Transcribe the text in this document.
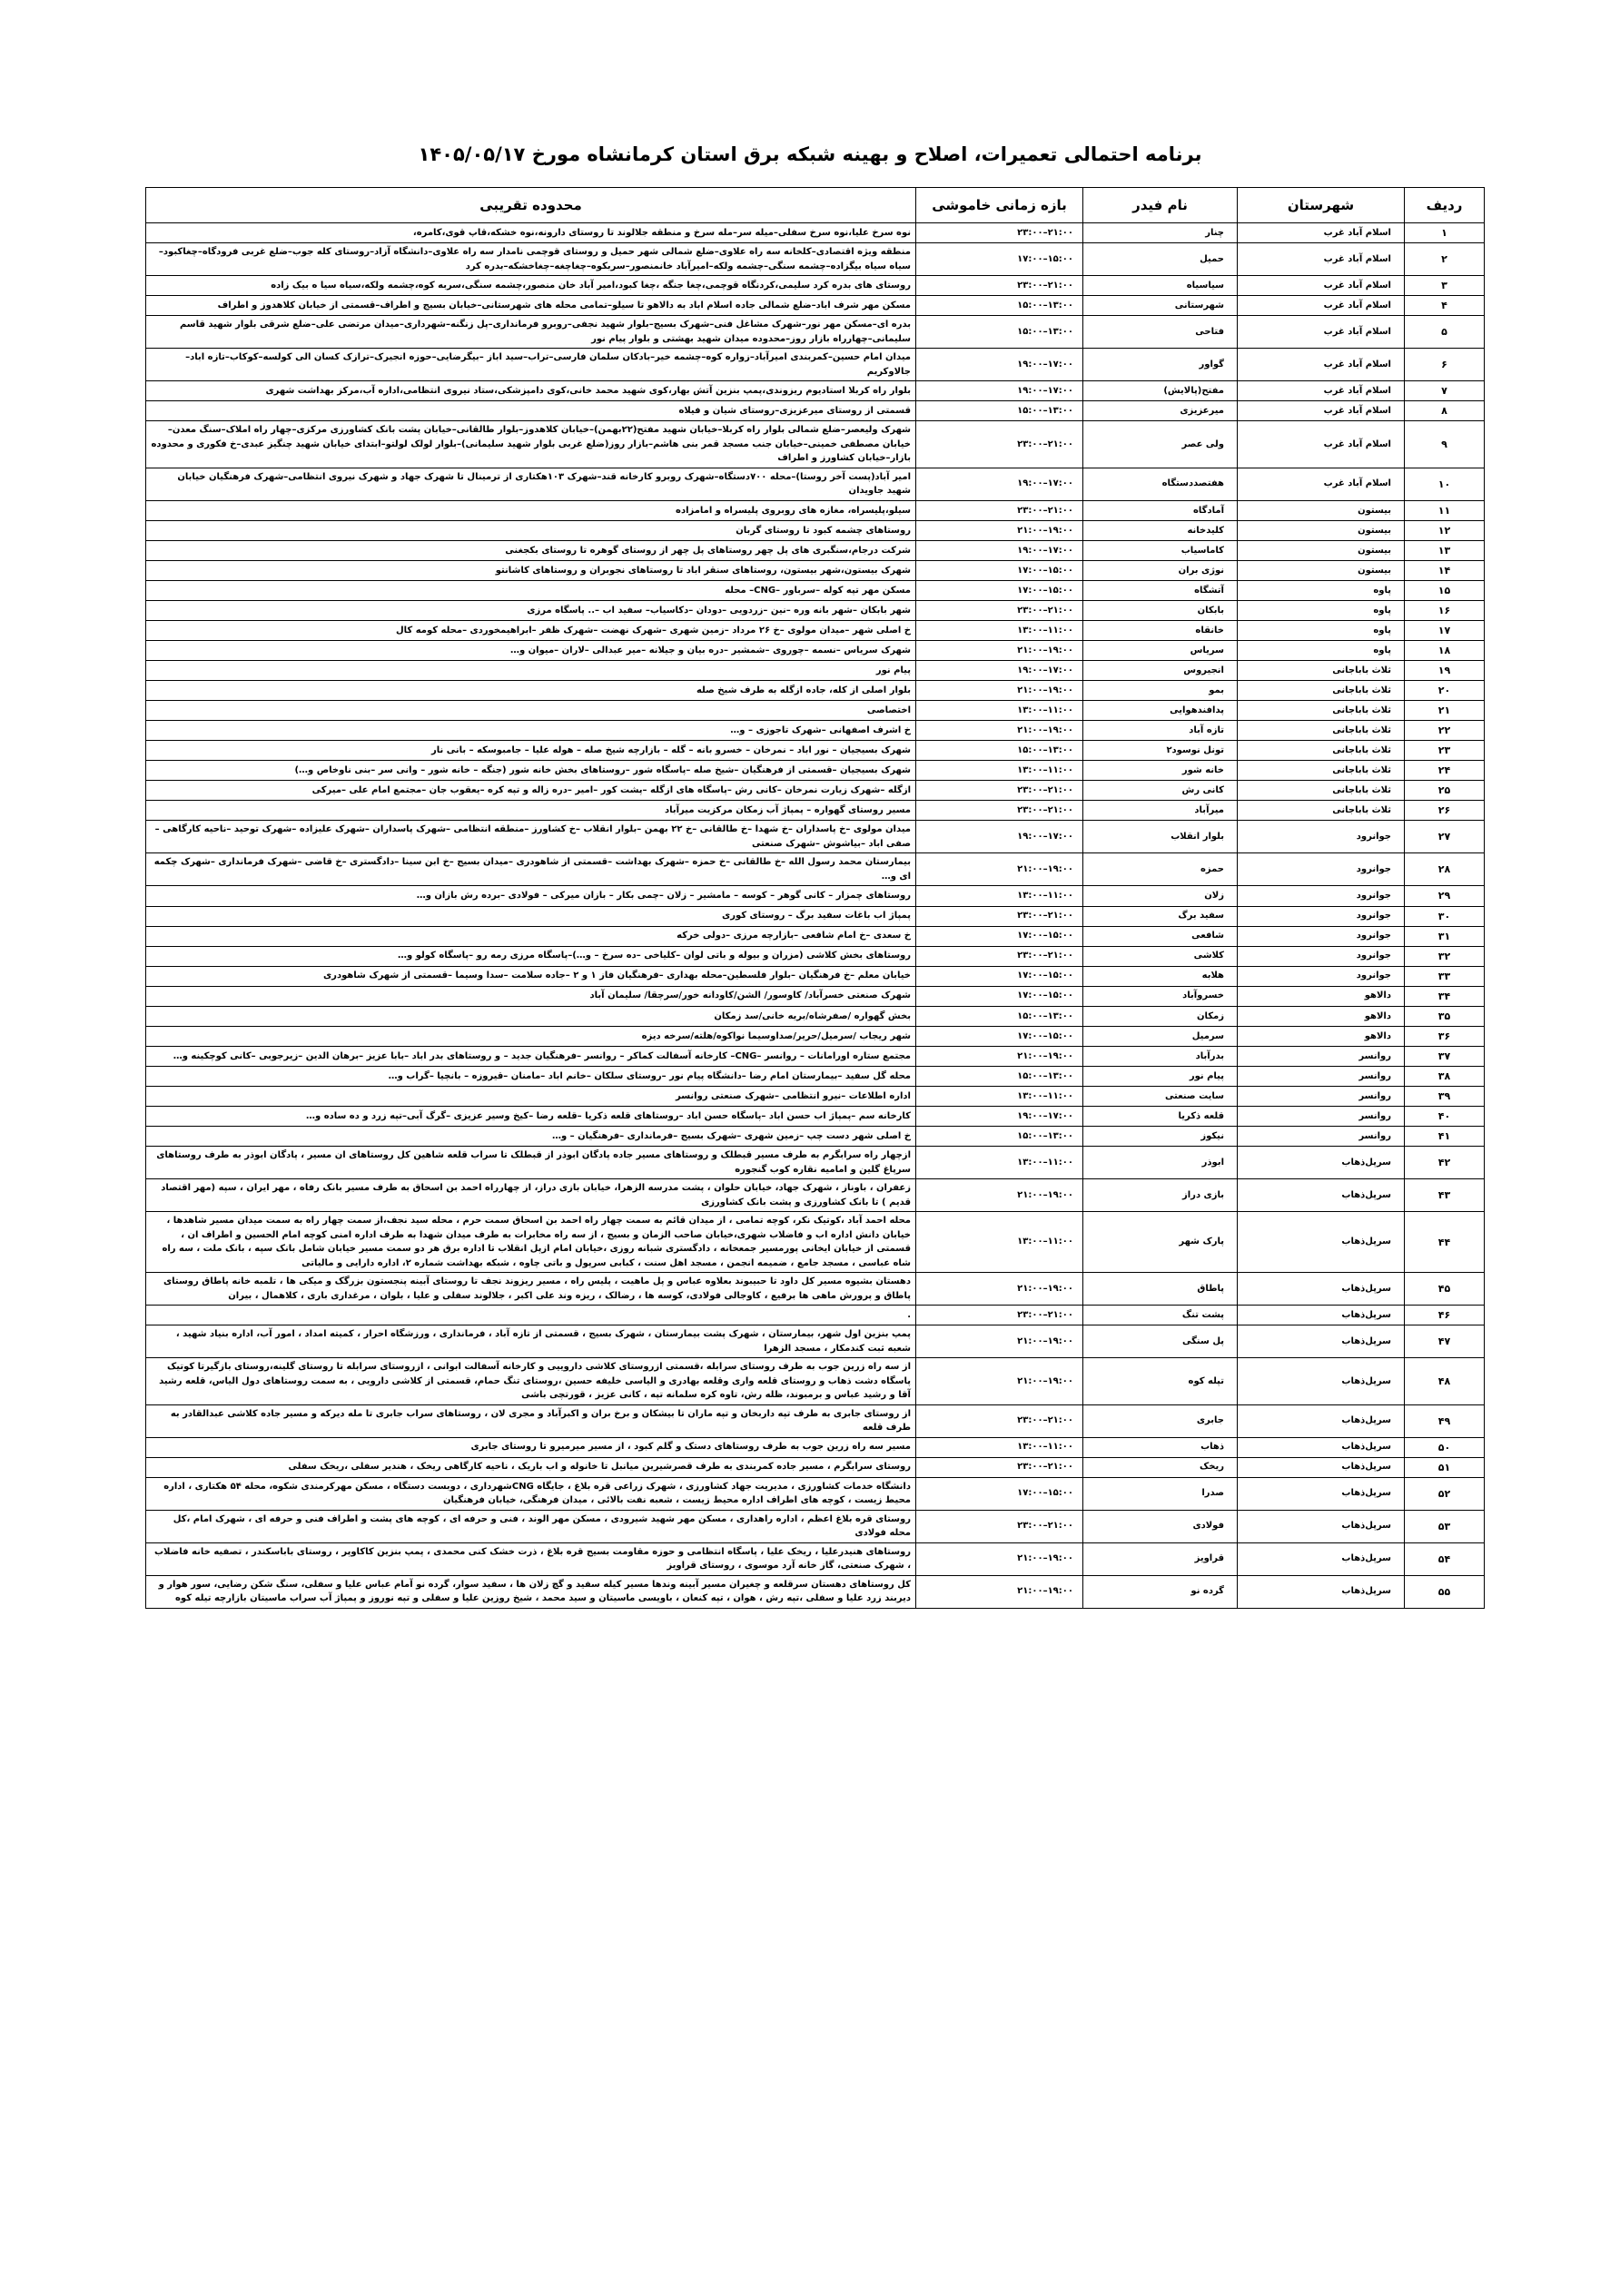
برنامه احتمالی تعمیرات، اصلاح و بهینه شبکه برق استان کرمانشاه مورخ ۱۴۰۵/۰۵/۱۷
ردیف	شهرستان	نام فیدر	بازه زمانی خاموشی	محدوده تقریبی
۱	اسلام آباد غرب	چنار	۲۱:۰۰–۲۳:۰۰	نوه سرخ علیا،نوه سرخ سفلی–میله سر–مله سرخ و منطقه جلالوند تا روستای دارونه،نوه خشکه،قاپ قوی،کامره،
۲	اسلام آباد غرب	حمیل	۱۵:۰۰–۱۷:۰۰	منطقه ویژه اقتصادی–کلخانه سه راه علاوی–ضلع شمالی شهر حمیل و روستای قوچمی نامدار سه راه علاوی–دانشگاه آزاد–روستای کله جوب–ضلع غربی فرودگاه–چغاکبود–سیاه سیاه بیگزاده–چشمه سنگی–چشمه ولکه–امیرآباد خانمنصور–سربکوه–چغاچغه–چغاخشکه–بدره کرد
۳	اسلام آباد غرب	سیاسیاه	۲۱:۰۰–۲۳:۰۰	روستای های بدره کرد سلیمی،کردنگاه قوچمی،چغا جنگه ،چغا کبود،امیر آباد خان منصور،چشمه سنگی،سربه کوه،چشمه ولکه،سیاه سیا ه بیک زاده
۴	اسلام آباد غرب	شهرستانی	۱۳:۰۰–۱۵:۰۰	مسکن مهر شرف اباد–ضلع شمالی جاده اسلام اباد به دالاهو تا سیلو–تمامی محله های شهرستانی–خیابان بسیج و اطراف–قسمتی از خیابان کلاهدوز و اطراف
۵	اسلام آباد غرب	فتاحی	۱۳:۰۰–۱۵:۰۰	بدره ای–مسکن مهر نور–شهرک مشاغل فنی–شهرک بسیج–بلوار شهید نجفی–روبرو فرمانداری–پل زنگنه–شهرداری–میدان مرتضی علی–ضلع شرقی بلوار شهید قاسم سلیمانی–چهارراه بازار روز–محدوده میدان شهید بهشتی و بلوار پیام نور
۶	اسلام آباد غرب	گواور	۱۷:۰۰–۱۹:۰۰	میدان امام حسین–کمربندی امیرآباد–زواره کوه–چشمه خیر–بادکان سلمان فارسی–تراب–سید اباز –بیگرضایی–حوزه انجیرک–ترازک کسان الی کولسه–کوکاب–تازه اباد–جالاوکریم
۷	اسلام آباد غرب	مفتح(پالایش)	۱۷:۰۰–۱۹:۰۰	بلوار راه کربلا استادیوم ریزوندی،پمپ بنزین آتش بهار،کوی شهید محمد خانی،کوی دامپزشکی،ستاد نیروی انتظامی،اداره آب،مرکز بهداشت شهری
۸	اسلام آباد غرب	میرعزیزی	۱۳:۰۰–۱۵:۰۰	قسمتی از روستای میرعزیزی–روستای شیان و فیلاه
۹	اسلام آباد غرب	ولی عصر	۲۱:۰۰–۲۳:۰۰	شهرک ولیعصر–ضلع شمالی بلوار راه کربلا–خیابان شهید مفتح(۲۲بهمن)–خیابان کلاهدوز–بلوار طالقانی–خیابان پشت بانک کشاورزی مرکزی–چهار راه املاک–سنگ معدن–خیابان مصطفی خمینی–خیابان جنب مسجد قمر بنی هاشم–بازار روز(ضلع غربی بلوار شهید سلیمانی)–بلوار لولک لولتو–ابتدای خیابان شهید چنگیز عبدی–خ فکوری و محدوده بازار–خیابان کشاورز و اطراف
۱۰	اسلام آباد غرب	هفتصددستگاه	۱۷:۰۰–۱۹:۰۰	امیر آباد(پست آخر روستا)–محله ۷۰۰دستگاه–شهرک روبرو کارخانه قند–شهرک ۱۰۳هکتاری از ترمینال تا شهرک جهاد و شهرک نیروی انتظامی–شهرک فرهنگیان خیابان شهید جاویدان
۱۱	بیستون	آمادگاه	۲۱:۰۰–۲۳:۰۰	سیلو،پلیسراه، مغازه های روبروی پلیسراه و امامزاده
۱۲	بیستون	کلیدخانه	۱۹:۰۰–۲۱:۰۰	روستاهای چشمه کبود تا روستای گربان
۱۳	بیستون	کاماسیاب	۱۷:۰۰–۱۹:۰۰	شرکت درجام،سنگبری های پل چهر روستاهای پل چهر از روستای گوهره تا روستای بکجغنی
۱۴	بیستون	نوژی بران	۱۵:۰۰–۱۷:۰۰	شهرک بیستون،شهر بیستون، روستاهای سنقر اباد تا روستاهای نجوبران و روستاهای کاشانتو
۱۵	پاوه	آتشگاه	۱۵:۰۰–۱۷:۰۰	مسکن مهر تپه کوله –سرباور –CNG– محله
۱۶	پاوه	بابکان	۲۱:۰۰–۲۳:۰۰	شهر بابکان –شهر بانه وره –نین –زردویی –دودان –دکاسیاب– سفید اب –.. پاسگاه مرزی
۱۷	پاوه	خانقاه	۱۱:۰۰–۱۳:۰۰	خ اصلی شهر –میدان مولوی –خ ۲۶ مرداد –زمین شهری –شهرک نهضت –شهرک ظفر –ابراهیمخوردی –محله کومه کال
۱۸	پاوه	سریاس	۱۹:۰۰–۲۱:۰۰	شهرک سریاس –نسمه –چوروی –شمشیر –دره بیان و جیلانه –میر عبدالی –لاران –میوان و…
۱۹	ثلاث باباجانی	انجیروس	۱۷:۰۰–۱۹:۰۰	پیام نور
۲۰	ثلاث باباجانی	بمو	۱۹:۰۰–۲۱:۰۰	بلوار اصلی از کله، جاده ازگله به طرف شیخ صله
۲۱	ثلاث باباجانی	پدافندهوایی	۱۱:۰۰–۱۳:۰۰	اختصاصی
۲۲	ثلاث باباجانی	تازه آباد	۱۹:۰۰–۲۱:۰۰	خ اشرف اصفهانی –شهرک تاجوزی – و…
۲۳	ثلاث باباجانی	تونل نوسود۲	۱۳:۰۰–۱۵:۰۰	شهرک بسیجیان – نور اباد – نمرخان – خسرو بانه – گله – بازارچه شیخ صله – هوله علیا – جامبوسکه – بانی نار
۲۴	ثلاث باباجانی	خانه شور	۱۱:۰۰–۱۳:۰۰	شهرک بسیجیان –قسمتی از فرهنگیان –شیخ صله –پاسگاه شور –روستاهای بخش خانه شور (جنگه – خانه شور – وانی سر –بنی ناوخاص و…)
۲۵	ثلاث باباجانی	کانی رش	۲۱:۰۰–۲۳:۰۰	ازگله –شهرک زیارت نمرخان –کانی رش –پاسگاه های ازگله –پشت کور –امیر –دره زاله و تپه کره –یعقوب جان –مجتمع امام علی –میرکی
۲۶	ثلاث باباجانی	میرآباد	۲۱:۰۰–۲۳:۰۰	مسیر روستای گهواره – پمپاژ آب زمکان مرکزیت میرآباد
۲۷	جوانرود	بلوار انقلاب	۱۷:۰۰–۱۹:۰۰	میدان مولوی –خ پاسداران –خ شهدا –خ طالقانی –خ ۲۲ بهمن –بلوار انقلاب –خ کشاورز –منطقه انتظامی –شهرک پاسداران –شهرک علیزاده –شهرک توحید –ناحیه کارگاهی –صفی اباد –بیاشوش –شهرک صنعتی
۲۸	جوانرود	حمزه	۱۹:۰۰–۲۱:۰۰	بیمارستان محمد رسول الله –خ طالقانی –خ حمزه –شهرک بهداشت –قسمتی از شاهودری –میدان بسیج –خ ابن سینا –دادگستری –خ قاضی –شهرک فرمانداری –شهرک چکمه ای و…
۲۹	جوانرود	زلان	۱۱:۰۰–۱۳:۰۰	روستاهای چمزار – کانی گوهر – کوسه – مامشیر – زلان –چمی بکار – بازان میرکی – فولادی –برده رش بازان و…
۳۰	جوانرود	سفید برگ	۲۱:۰۰–۲۳:۰۰	پمپاژ اب باغات سفید برگ – روستای کوری
۳۱	جوانرود	شافعی	۱۵:۰۰–۱۷:۰۰	خ سعدی –خ امام شافعی –بازارچه مرزی –دولی خرکه
۳۲	جوانرود	کلاشی	۲۱:۰۰–۲۳:۰۰	روستاهای بخش کلاشی (مزران و بیوله و باتی لوان –کلیاخی –ده سرخ – و…)–پاسگاه مرزی رمه رو –پاسگاه کولو و…
۳۳	جوانرود	هلابه	۱۵:۰۰–۱۷:۰۰	خیابان معلم –خ فرهنگیان –بلوار فلسطین–محله بهداری –فرهنگیان فاز ۱ و ۲ –جاده سلامت –سدا وسیما –قسمتی از شهرک شاهودری
۳۴	دالاهو	خسروآباد	۱۵:۰۰–۱۷:۰۰	شهرک صنعتی خسرآباد/ کاوسور/ الشن/کاودانه خور/سرچقا/ سلیمان آباد
۳۵	دالاهو	زمکان	۱۳:۰۰–۱۵:۰۰	بخش گهواره /صفرشاه/بریه خانی/سد زمکان
۳۶	دالاهو	سرمیل	۱۵:۰۰–۱۷:۰۰	شهر ریجاب /سرمیل/حریر/صداوسیما نواکوه/هلته/سرخه دیزه
۳۷	روانسر	بدرآباد	۱۹:۰۰–۲۱:۰۰	مجتمع ستاره اورامانات – روانسر –CNG– کارخانه آسفالت کماکر – روانسر –فرهنگیان جدید – و روستاهای بدر اباد –بابا عزیز –برهان الدین –زیرجوبی –کانی کوچکینه و…
۳۸	روانسر	پیام نور	۱۳:۰۰–۱۵:۰۰	محله گل سفید –بیمارستان امام رضا –دانشگاه پیام نور –روستای سلکان –خانم اباد –مامنان –قیروزه – بانچیا –گراب و…
۳۹	روانسر	سایت صنعتی	۱۱:۰۰–۱۳:۰۰	اداره اطلاعات –نیرو انتظامی –شهرک صنعتی روانسر
۴۰	روانسر	قلعه ذکریا	۱۷:۰۰–۱۹:۰۰	کارخانه سم –پمپاژ اب حسن اباد –پاسگاه حسن اباد –روستاهای قلعه ذکریا –قلعه رضا –کیخ وسیر عزیزی –گرگ آبی–تپه زرد و ده ساده و…
۴۱	روانسر	نیکوز	۱۳:۰۰–۱۵:۰۰	خ اصلی شهر دست چپ –زمین شهری –شهرک بسیج –فرمانداری –فرهنگیان – و…
۴۲	سرپل‌ذهاب	ابوذر	۱۱:۰۰–۱۳:۰۰	ازچهار راه سرابگرم به طرف مسیر قبطلک و روستاهای مسیر جاده پادگان ابوذر از قبطلک تا سراب قلعه شاهین کل روستاهای ان مسیر ، پادگان ابوذر به طرف روستاهای سرپاغ گلین و امامیه نقاره کوب گنجوره
۴۳	سرپل‌ذهاب	بازی دراز	۱۹:۰۰–۲۱:۰۰	زعفران ، باوناز ، شهرک جهاد، خیابان حلوان ، پشت مدرسه الزهرا، خیابان بازی دراز، از چهارراه احمد بن اسحاق به طرف مسیر بانک رفاه ، مهر ایران ، سپه (مهر اقتصاد قدیم ) تا بانک کشاورزی و پشت بانک کشاورزی
۴۴	سرپل‌ذهاب	پارک شهر	۱۱:۰۰–۱۳:۰۰	محله احمد آباد ،کوتیک نکر، کوچه تمامی ، از میدان قائم به سمت چهار راه احمد بن اسحاق سمت حرم ، محله سید نجف،از سمت چهار راه به سمت میدان مسیر شاهدها ، خیابان دانش اداره اب و فاضلاب شهری،خیابان صاحب الزمان و بسیج ، از سه راه مخابرات به طرف میدان شهدا به طرف اداره امنی کوچه امام الحسین و اطراف ان ، قسمتی از خیابان ایخانی پورمسیر جمعخانه ، دادگستری شبانه روزی ،خیابان امام ازپل انقلاب تا اداره برق هر دو سمت مسیر خیابان شامل بانک سپه ، بانک ملت ، سه راه شاه عباسی ، مسجد جامع ، ضمیمه انجمن ، مسجد اهل سنت ، کبابی سرپول و باتی چاوه ، شبکه بهداشت شماره ۲، اداره دارایی و مالیاتی
۴۵	سرپل‌ذهاب	پاطاق	۱۹:۰۰–۲۱:۰۰	دهستان بشیوه مسیر کل داود تا حبیبوند بعلاوه عباس و پل ماهیت ، پلیس راه ، مسیر ریزوند نجف تا روستای آبینه پنجستون بزرگک و میکی ها ، تلمبه خانه پاطاق روستای پاطاق و پرورش ماهی ها برفیع ، کاوجالی فولادی، کوسه ها ، رضالک ، ریزه وند علی اکبر ، جلالوند سفلی و علیا ، بلوان ، مرغداری باری ، کلاهمال ، بیران
۴۶	سرپل‌ذهاب	پشت تنگ	۲۱:۰۰–۲۳:۰۰	.
۴۷	سرپل‌ذهاب	پل سنگی	۱۹:۰۰–۲۱:۰۰	پمپ بنزین اول شهر، بیمارستان ، شهرک پشت بیمارستان ، شهرک بسیج ، قسمتی از تازه آباد ، فرمانداری ، ورزشگاه احرار ، کمیته امداد ، امور آب، اداره بنیاد شهید ، شعبه ثبت کندمکار ، مسجد الزهرا
۴۸	سرپل‌ذهاب	تپله کوه	۱۹:۰۰–۲۱:۰۰	از سه راه زرین جوب به طرف روستای سرابله ،قسمتی ازروستای کلاشی داروییی و کارخانه آسفالت ابوانی ، ازروستای سرابله تا روستای گلینه،روستای بازگیرتا کوتیک پاسگاه دشت ذهاب و روستای قلعه واری وقلعه بهادری و الیاسی خلیفه حسین ،روستای تنگ حمام، قسمتی از کلاشی دارویی ، به سمت روستاهای دول الیاس، قلعه رشید آقا و رشید عباس و برمبوند، ظله رش، تاوه کره سلمانه تپه ، کانی عزیز ، قورتچی باشی
۴۹	سرپل‌ذهاب	جابری	۲۱:۰۰–۲۳:۰۰	از روستای جابری به طرف تپه داربخان و تپه ماران تا بیشکان و برخ بران و اکبرآباد و مجری لان ، روستاهای سراب جابری تا مله دیرکه و مسیر جاده کلاشی عبدالقادر به طرف قلعه
۵۰	سرپل‌ذهاب	ذهاب	۱۱:۰۰–۱۳:۰۰	مسیر سه راه زرین جوب به طرف روستاهای دستک و گلم کبود ، از مسیر میرمیرو تا روستای جابری
۵۱	سرپل‌ذهاب	ریخک	۲۱:۰۰–۲۳:۰۰	روستای سرابگرم ، مسیر جاده کمربندی به طرف قصرشیرین میانبل تا خانوله و اب باریک ، ناحیه کارگاهی ریخک ، هندیر سفلی ،ریخک سفلی
۵۲	سرپل‌ذهاب	صدرا	۱۵:۰۰–۱۷:۰۰	دانشگاه خدمات کشاورزی ، مدیریت جهاد کشاورزی ، شهرک زراعی قره بلاغ ، جایگاه CNGشهرداری ، دوبست دستگاه ، مسکن مهرکرمندی شکوه، محله ۵۴ هکتاری ، اداره محیط زیست ، کوچه های اطراف اداره محیط زیست ، شعبه نفت بالائی ، میدان فرهنگی، خیابان فرهنگیان
۵۳	سرپل‌ذهاب	فولادی	۲۱:۰۰–۲۳:۰۰	روستای قره بلاغ اعظم ، اداره راهداری ، مسکن مهر شهید شیرودی ، مسکن مهر الوند ، فنی و حرفه ای ، کوچه های پشت و اطراف فنی و حرفه ای ، شهرک امام ،کل محله فولادی
۵۴	سرپل‌ذهاب	قراویز	۱۹:۰۰–۲۱:۰۰	روستاهای هنیدرعلیا ، ریخک علیا ، پاسگاه انتظامی و حوزه مقاومت بسیج قره بلاغ ، ذرت خشک کنی محمدی ، پمپ بنزین کاکاوپر ، روستای باباسکندر ، تصفیه خانه فاضلاب ، شهرک صنعتی، گاز خانه آرد موسوی ، روستای قراویز
۵۵	سرپل‌ذهاب	گرده نو	۱۹:۰۰–۲۱:۰۰	کل روستاهای دهستان سرقلعه و چغیران مسیر آبینه وندها مسیر کیله سفید و گچ زلان ها ، سفید سوار، گرده نو آمام عباس علیا و سفلی، سنگ شکن رضایی، سور هوار و دیربند زرد علیا و سفلی ،تپه رش ، هوان ، تپه کنعان ، باویسی ماسیتان و سید محمد ، شیخ روزین علیا و سفلی و تپه نوروز و پمپاژ آب سراب ماسیتان بازارچه تیله کوه
